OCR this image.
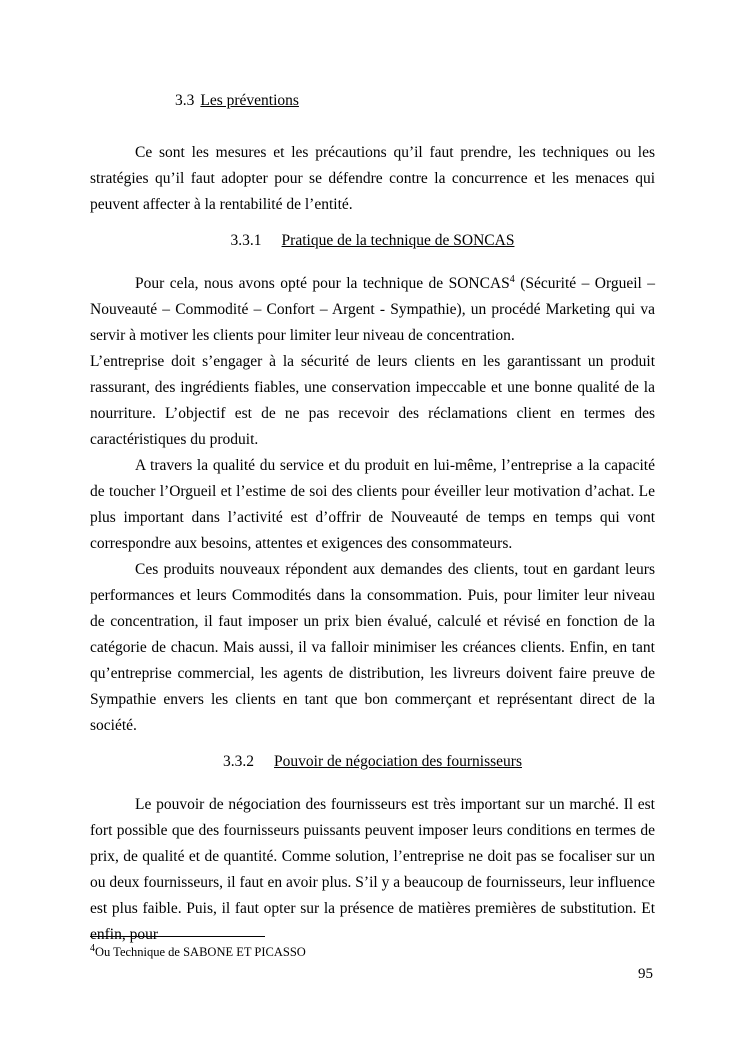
3.3 Les préventions

Ce sont les mesures et les précautions qu’il faut prendre, les techniques ou les stratégies qu’il faut adopter pour se défendre contre la concurrence et les menaces qui peuvent affecter à la rentabilité de l’entité.

3.3.1 Pratique de la technique de SONCAS

Pour cela, nous avons opté pour la technique de SONCAS$^4$ (Sécurité – Orgueil – Nouveauté – Commodité – Confort – Argent - Sympathie), un procédé Marketing qui va servir à motiver les clients pour limiter leur niveau de concentration.

L’entreprise doit s’engager à la sécurité de leurs clients en les garantissant un produit rassurant, des ingrédients fiables, une conservation impeccable et une bonne qualité de la nourriture. L’objectif est de ne pas recevoir des réclamations client en termes des caractéristiques du produit.

A travers la qualité du service et du produit en lui-même, l’entreprise a la capacité de toucher l’Orgueil et l’estime de soi des clients pour éveiller leur motivation d’achat. Le plus important dans l’activité est d’offrir de Nouveauté de temps en temps qui vont correspondre aux besoins, attentes et exigences des consommateurs.

Ces produits nouveaux répondent aux demandes des clients, tout en gardant leurs performances et leurs Commodités dans la consommation. Puis, pour limiter leur niveau de concentration, il faut imposer un prix bien évalué, calculé et révisé en fonction de la catégorie de chacun. Mais aussi, il va falloir minimiser les créances clients. Enfin, en tant qu’entreprise commercial, les agents de distribution, les livreurs doivent faire preuve de Sympathie envers les clients en tant que bon commerçant et représentant direct de la société.

3.3.2 Pouvoir de négociation des fournisseurs

Le pouvoir de négociation des fournisseurs est très important sur un marché. Il est fort possible que des fournisseurs puissants peuvent imposer leurs conditions en termes de prix, de qualité et de quantité. Comme solution, l’entreprise ne doit pas se focaliser sur un ou deux fournisseurs, il faut en avoir plus. S’il y a beaucoup de fournisseurs, leur influence est plus faible. Puis, il faut opter sur la présence de matières premières de substitution. Et enfin, pour

$^4$Ou Technique de SABONE ET PICASSO

95
